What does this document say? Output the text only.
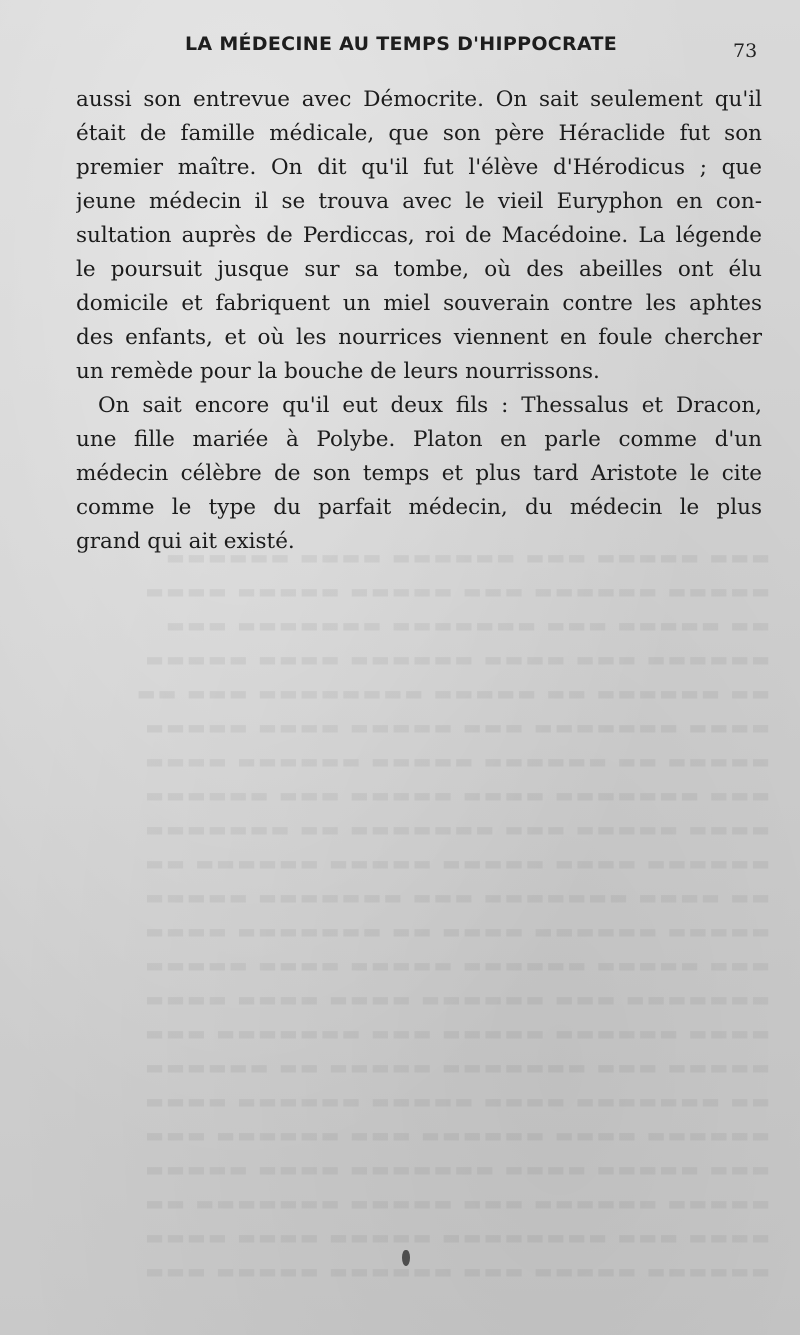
▬▬▬ ▬▬▬▬▬ ▬▬▬ ▬▬▬▬▬▬ ▬▬▬▬ ▬▬▬▬▬▬
▬▬▬▬▬ ▬▬▬▬▬▬ ▬▬▬ ▬▬▬▬▬ ▬▬▬▬▬ ▬▬▬▬
▬▬ ▬▬▬▬▬ ▬▬▬ ▬▬▬▬▬▬▬ ▬▬▬▬▬▬▬ ▬▬▬
▬▬▬▬▬▬ ▬▬▬ ▬▬▬▬ ▬▬▬▬▬▬ ▬▬▬▬ ▬▬▬▬▬
▬▬ ▬▬▬▬▬▬ ▬▬ ▬▬▬▬▬ ▬▬▬▬▬▬▬▬ ▬▬▬ ▬▬
▬▬▬▬ ▬▬▬▬▬▬▬ ▬▬▬ ▬▬▬▬▬ ▬▬▬▬ ▬▬▬▬▬
▬▬▬▬▬ ▬▬ ▬▬▬▬▬▬ ▬▬▬▬▬ ▬▬▬▬▬▬ ▬▬▬▬
▬▬▬ ▬▬▬▬▬▬▬ ▬▬▬▬ ▬▬▬▬▬ ▬▬▬ ▬▬▬▬▬▬
▬▬▬▬ ▬▬▬▬▬ ▬▬▬ ▬▬▬▬▬▬▬ ▬▬ ▬▬▬▬▬▬▬
▬▬▬▬▬▬ ▬▬▬▬ ▬▬▬▬▬ ▬▬▬▬▬ ▬▬▬▬▬▬ ▬▬
▬▬ ▬▬▬▬ ▬▬▬▬▬▬▬ ▬▬▬ ▬▬▬▬▬▬▬ ▬▬▬▬▬
▬▬▬▬▬ ▬▬▬▬▬▬ ▬▬▬▬ ▬▬ ▬▬▬▬▬▬▬ ▬▬▬▬
▬▬▬ ▬▬▬▬▬ ▬▬▬▬▬▬ ▬▬▬▬▬ ▬▬▬▬ ▬▬▬▬▬
▬▬▬▬▬▬▬ ▬▬▬ ▬▬▬▬▬▬ ▬▬▬▬ ▬▬▬▬ ▬▬▬▬
▬▬▬▬ ▬▬▬▬▬▬ ▬▬▬▬▬ ▬▬▬ ▬▬▬▬▬▬▬ ▬▬▬
▬▬▬▬▬ ▬▬▬ ▬▬▬▬▬▬▬ ▬▬▬▬▬ ▬▬ ▬▬▬▬▬▬
▬▬ ▬▬▬▬▬▬▬ ▬▬▬▬ ▬▬▬▬▬ ▬▬▬▬▬▬ ▬▬▬▬
▬▬▬▬▬▬ ▬▬▬▬ ▬▬▬▬▬▬ ▬▬▬ ▬▬▬▬▬▬ ▬▬▬
▬▬▬ ▬▬▬▬▬ ▬▬▬▬ ▬▬▬▬▬▬▬ ▬▬▬▬ ▬▬▬▬▬
▬▬▬▬▬ ▬▬▬▬▬▬ ▬▬▬ ▬▬▬▬▬ ▬▬▬▬▬▬▬ ▬▬
▬▬▬▬ ▬▬▬ ▬▬▬▬▬▬▬▬ ▬▬▬▬▬ ▬▬▬▬ ▬▬▬▬
▬▬▬▬▬▬ ▬▬▬▬▬ ▬▬▬ ▬▬▬▬▬▬ ▬▬▬▬▬ ▬▬▬
LA MÉDECINE AU TEMPS D'HIPPOCRATE	73
aussi son entrevue avec Démocrite. On sait seulement qu'il
était de famille médicale, que son père Héraclide fut son
premier maître. On dit qu'il fut l'élève d'Hérodicus ; que
jeune médecin il se trouva avec le vieil Euryphon en con-
sultation auprès de Perdiccas, roi de Macédoine. La légende
le poursuit jusque sur sa tombe, où des abeilles ont élu
domicile et fabriquent un miel souverain contre les aphtes
des enfants, et où les nourrices viennent en foule chercher
un remède pour la bouche de leurs nourrissons.
On sait encore qu'il eut deux fils : Thessalus et Dracon,
une fille mariée à Polybe. Platon en parle comme d'un
médecin célèbre de son temps et plus tard Aristote le cite
comme le type du parfait médecin, du médecin le plus
grand qui ait existé.
